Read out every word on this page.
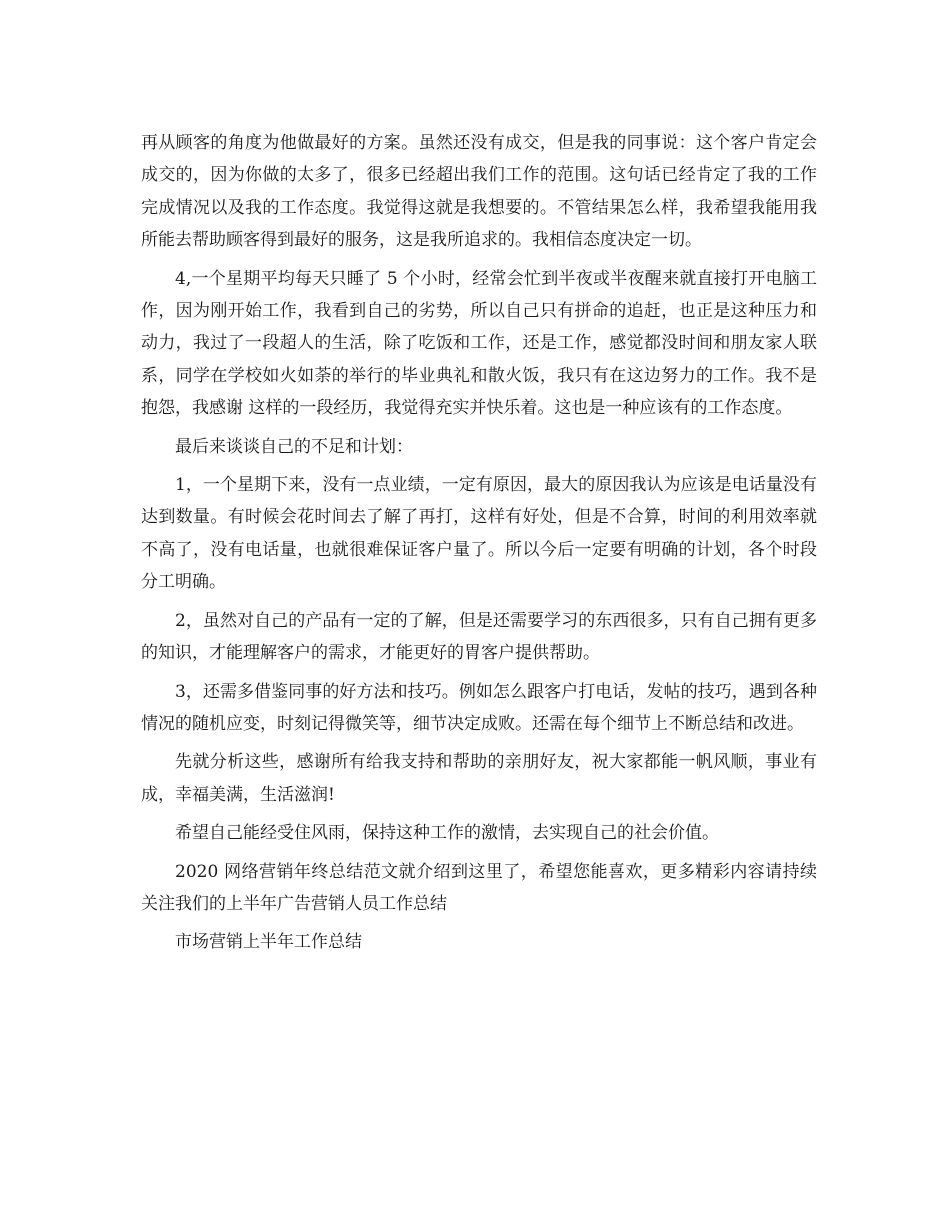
再从顾客的角度为他做最好的方案。虽然还没有成交，但是我的同事说：这个客户肯定会成交的，因为你做的太多了，很多已经超出我们工作的范围。这句话已经肯定了我的工作完成情况以及我的工作态度。我觉得这就是我想要的。不管结果怎么样，我希望我能用我所能去帮助顾客得到最好的服务，这是我所追求的。我相信态度决定一切。

4,一个星期平均每天只睡了 5 个小时，经常会忙到半夜或半夜醒来就直接打开电脑工作，因为刚开始工作，我看到自己的劣势，所以自己只有拼命的追赶，也正是这种压力和动力，我过了一段超人的生活，除了吃饭和工作，还是工作，感觉都没时间和朋友家人联系，同学在学校如火如荼的举行的毕业典礼和散火饭，我只有在这边努力的工作。我不是抱怨，我感谢 这样的一段经历，我觉得充实并快乐着。这也是一种应该有的工作态度。

最后来谈谈自己的不足和计划：

1，一个星期下来，没有一点业绩，一定有原因，最大的原因我认为应该是电话量没有达到数量。有时候会花时间去了解了再打，这样有好处，但是不合算，时间的利用效率就不高了，没有电话量，也就很难保证客户量了。所以今后一定要有明确的计划，各个时段分工明确。

2，虽然对自己的产品有一定的了解，但是还需要学习的东西很多，只有自己拥有更多的知识，才能理解客户的需求，才能更好的胃客户提供帮助。

3，还需多借鉴同事的好方法和技巧。例如怎么跟客户打电话，发帖的技巧，遇到各种情况的随机应变，时刻记得微笑等，细节决定成败。还需在每个细节上不断总结和改进。

先就分析这些，感谢所有给我支持和帮助的亲朋好友，祝大家都能一帆风顺，事业有成，幸福美满，生活滋润!

希望自己能经受住风雨，保持这种工作的激情，去实现自己的社会价值。

2020 网络营销年终总结范文就介绍到这里了，希望您能喜欢，更多精彩内容请持续关注我们的上半年广告营销人员工作总结

市场营销上半年工作总结
